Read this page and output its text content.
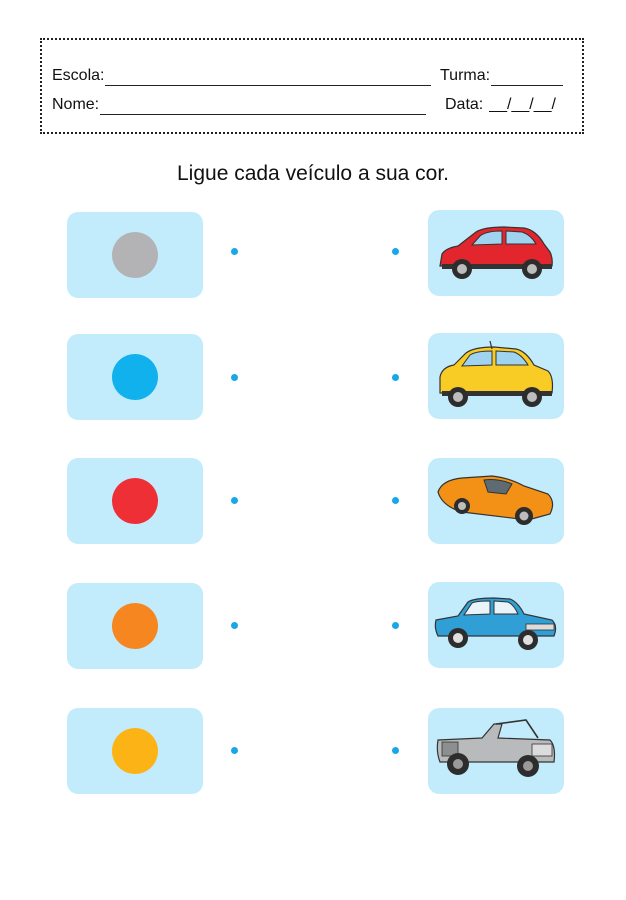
Escola:	Turma:
Nome:	Data: __/__/__/
Ligue cada veículo a sua cor.
